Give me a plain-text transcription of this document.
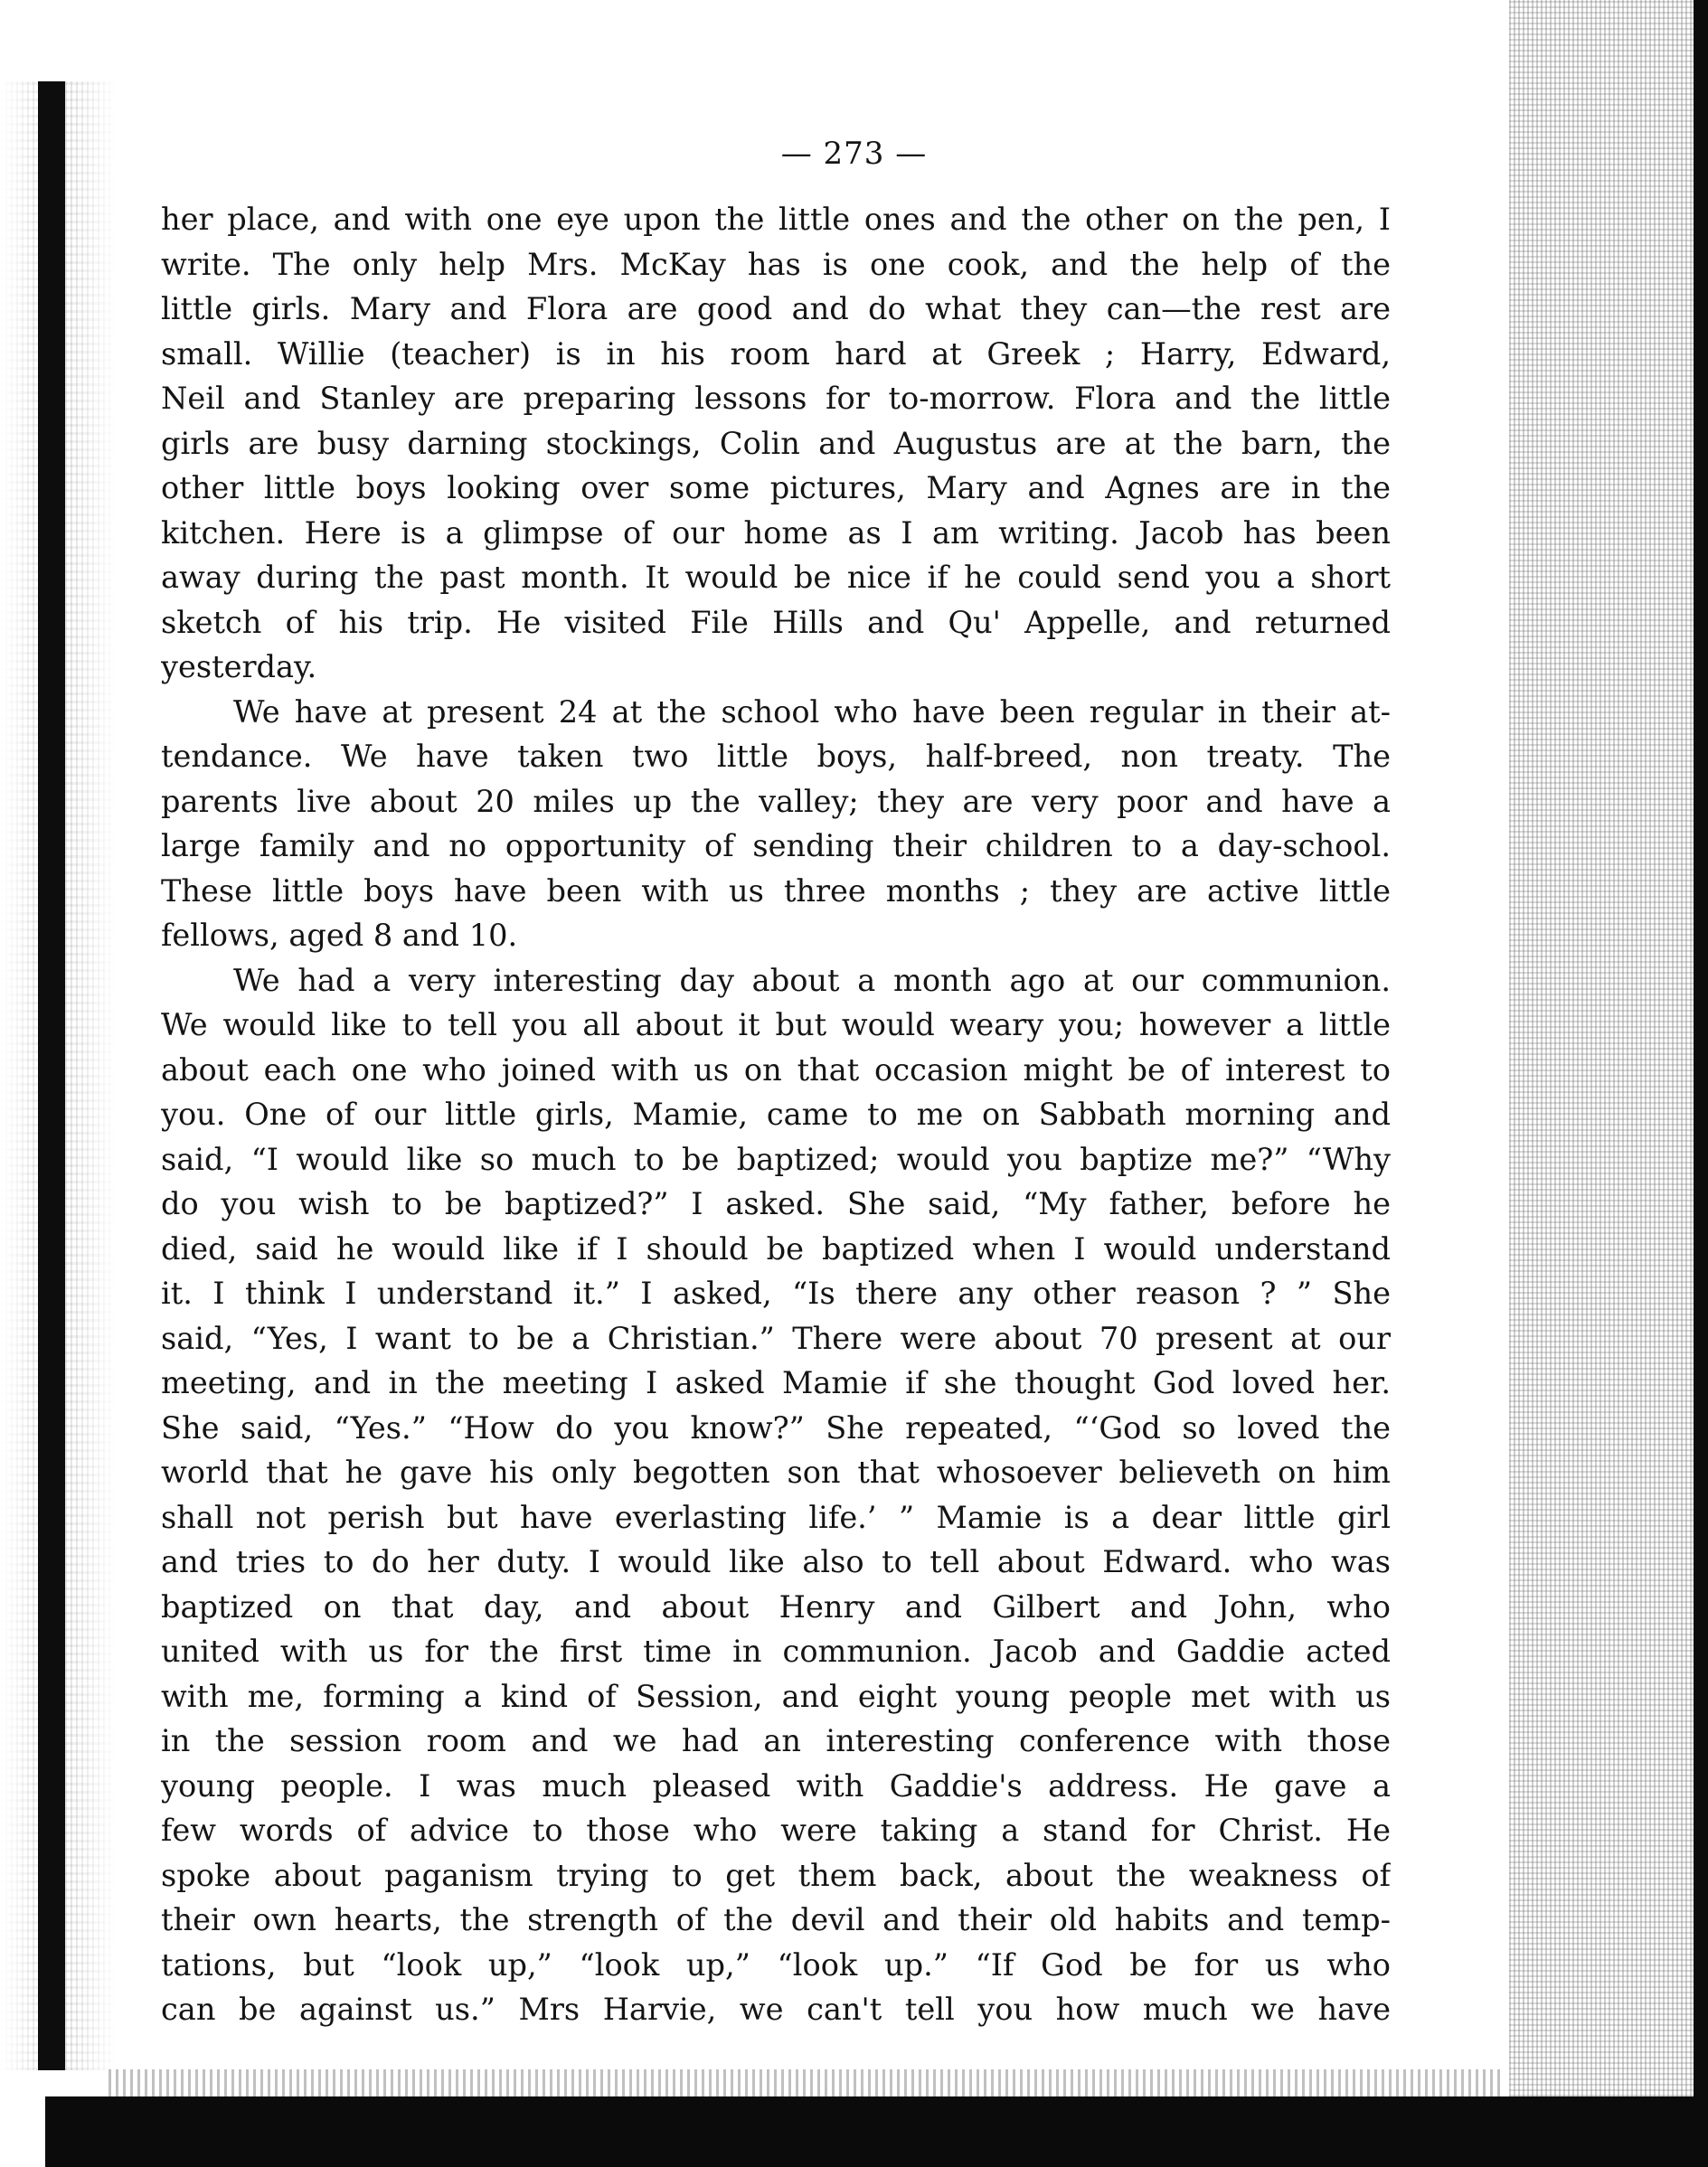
— 273 —
her place, and with one eye upon the little ones and the other on the pen, I
write. The only help Mrs. McKay has is one cook, and the help of the
little girls. Mary and Flora are good and do what they can—the rest are
small. Willie (teacher) is in his room hard at Greek ; Harry, Edward,
Neil and Stanley are preparing lessons for to-morrow. Flora and the little
girls are busy darning stockings, Colin and Augustus are at the barn, the
other little boys looking over some pictures, Mary and Agnes are in the
kitchen. Here is a glimpse of our home as I am writing. Jacob has been
away during the past month. It would be nice if he could send you a short
sketch of his trip. He visited File Hills and Qu' Appelle, and returned
yesterday.
We have at present 24 at the school who have been regular in their at-
tendance. We have taken two little boys, half-breed, non treaty. The
parents live about 20 miles up the valley; they are very poor and have a
large family and no opportunity of sending their children to a day-school.
These little boys have been with us three months ; they are active little
fellows, aged 8 and 10.
We had a very interesting day about a month ago at our communion.
We would like to tell you all about it but would weary you; however a little
about each one who joined with us on that occasion might be of interest to
you. One of our little girls, Mamie, came to me on Sabbath morning and
said, “I would like so much to be baptized; would you baptize me?” “Why
do you wish to be baptized?” I asked. She said, “My father, before he
died, said he would like if I should be baptized when I would understand
it. I think I understand it.” I asked, “Is there any other reason ? ” She
said, “Yes, I want to be a Christian.” There were about 70 present at our
meeting, and in the meeting I asked Mamie if she thought God loved her.
She said, “Yes.” “How do you know?” She repeated, “‘God so loved the
world that he gave his only begotten son that whosoever believeth on him
shall not perish but have everlasting life.’ ” Mamie is a dear little girl
and tries to do her duty. I would like also to tell about Edward. who was
baptized on that day, and about Henry and Gilbert and John, who
united with us for the first time in communion. Jacob and Gaddie acted
with me, forming a kind of Session, and eight young people met with us
in the session room and we had an interesting conference with those
young people. I was much pleased with Gaddie's address. He gave a
few words of advice to those who were taking a stand for Christ. He
spoke about paganism trying to get them back, about the weakness of
their own hearts, the strength of the devil and their old habits and temp-
tations, but “look up,” “look up,” “look up.” “If God be for us who
can be against us.” Mrs Harvie, we can't tell you how much we have
